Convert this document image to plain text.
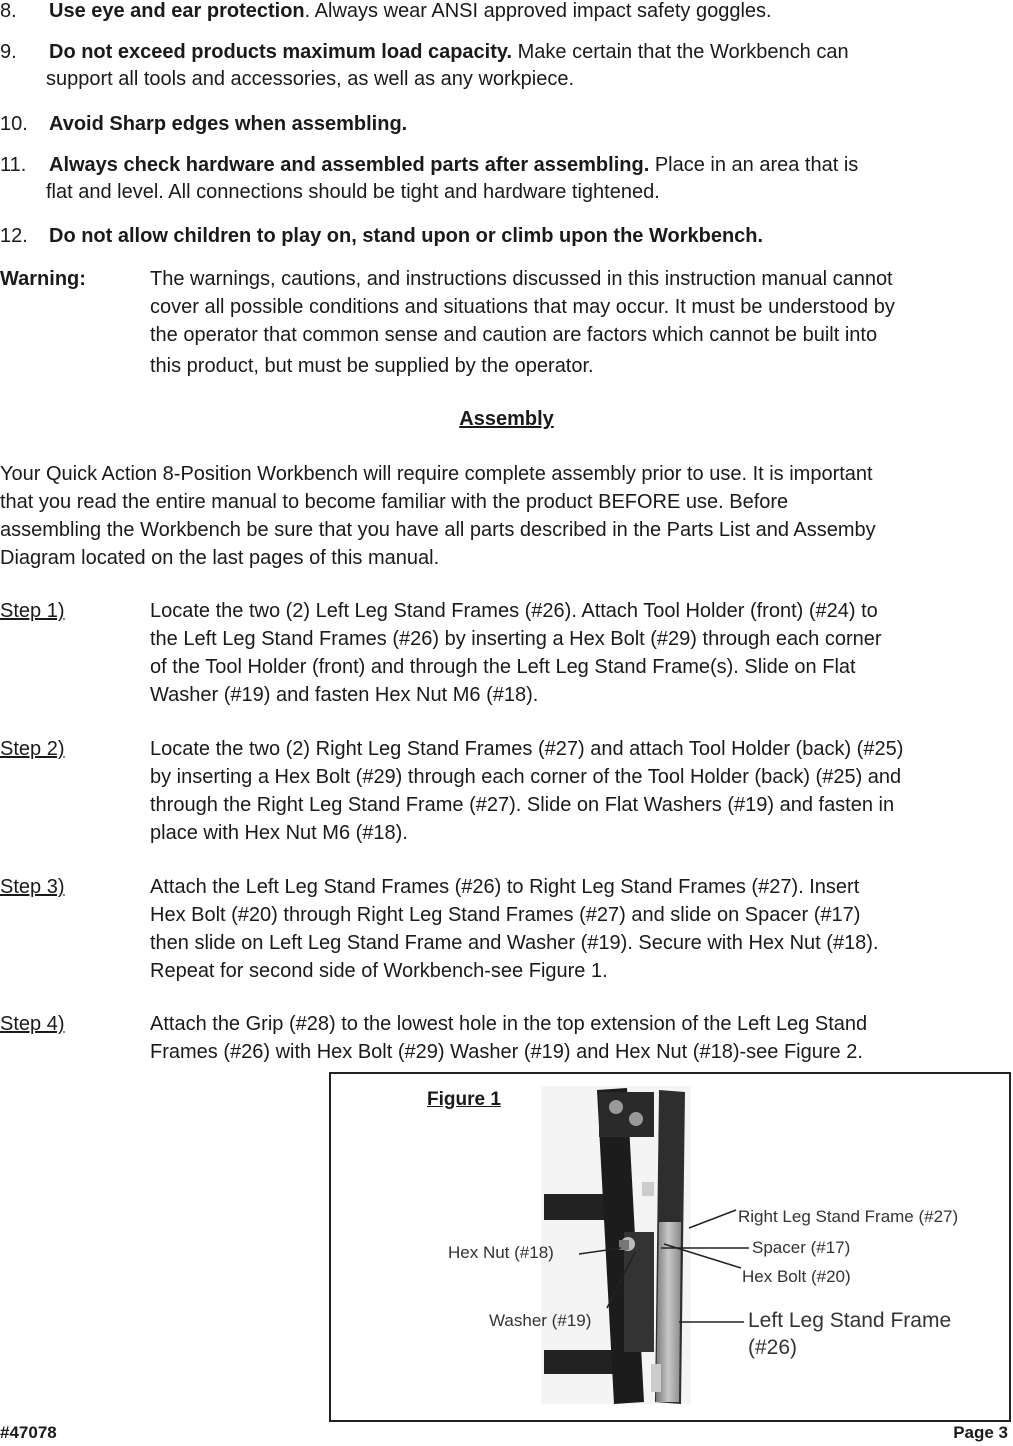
8. Use eye and ear protection. Always wear ANSI approved impact safety goggles.
9. Do not exceed products maximum load capacity. Make certain that the Workbench can
support all tools and accessories, as well as any workpiece.
10. Avoid Sharp edges when assembling.
11. Always check hardware and assembled parts after assembling. Place in an area that is
flat and level. All connections should be tight and hardware tightened.
12. Do not allow children to play on, stand upon or climb upon the Workbench.
Warning:	The warnings, cautions, and instructions discussed in this instruction manual cannot
cover all possible conditions and situations that may occur. It must be understood by
the operator that common sense and caution are factors which cannot be built into
this product, but must be supplied by the operator.
Assembly
Your Quick Action 8-Position Workbench will require complete assembly prior to use. It is important
that you read the entire manual to become familiar with the product BEFORE use. Before
assembling the Workbench be sure that you have all parts described in the Parts List and Assemby
Diagram located on the last pages of this manual.
Step 1)	Locate the two (2) Left Leg Stand Frames (#26). Attach Tool Holder (front) (#24) to
the Left Leg Stand Frames (#26) by inserting a Hex Bolt (#29) through each corner
of the Tool Holder (front) and through the Left Leg Stand Frame(s). Slide on Flat
Washer (#19) and fasten Hex Nut M6 (#18).
Step 2)	Locate the two (2) Right Leg Stand Frames (#27) and attach Tool Holder (back) (#25)
by inserting a Hex Bolt (#29) through each corner of the Tool Holder (back) (#25) and
through the Right Leg Stand Frame (#27). Slide on Flat Washers (#19) and fasten in
place with Hex Nut M6 (#18).
Step 3)	Attach the Left Leg Stand Frames (#26) to Right Leg Stand Frames (#27). Insert
Hex Bolt (#20) through Right Leg Stand Frames (#27) and slide on Spacer (#17)
then slide on Left Leg Stand Frame and Washer (#19). Secure with Hex Nut (#18).
Repeat for second side of Workbench-see Figure 1.
Step 4)	Attach the Grip (#28) to the lowest hole in the top extension of the Left Leg Stand
Frames (#26) with Hex Bolt (#29) Washer (#19) and Hex Nut (#18)-see Figure 2.
Figure 1
Right Leg Stand Frame (#27)
Spacer (#17)
Hex Nut (#18)
Hex Bolt (#20)
Washer (#19)	Left Leg Stand Frame
(#26)
#47078	Page 3
